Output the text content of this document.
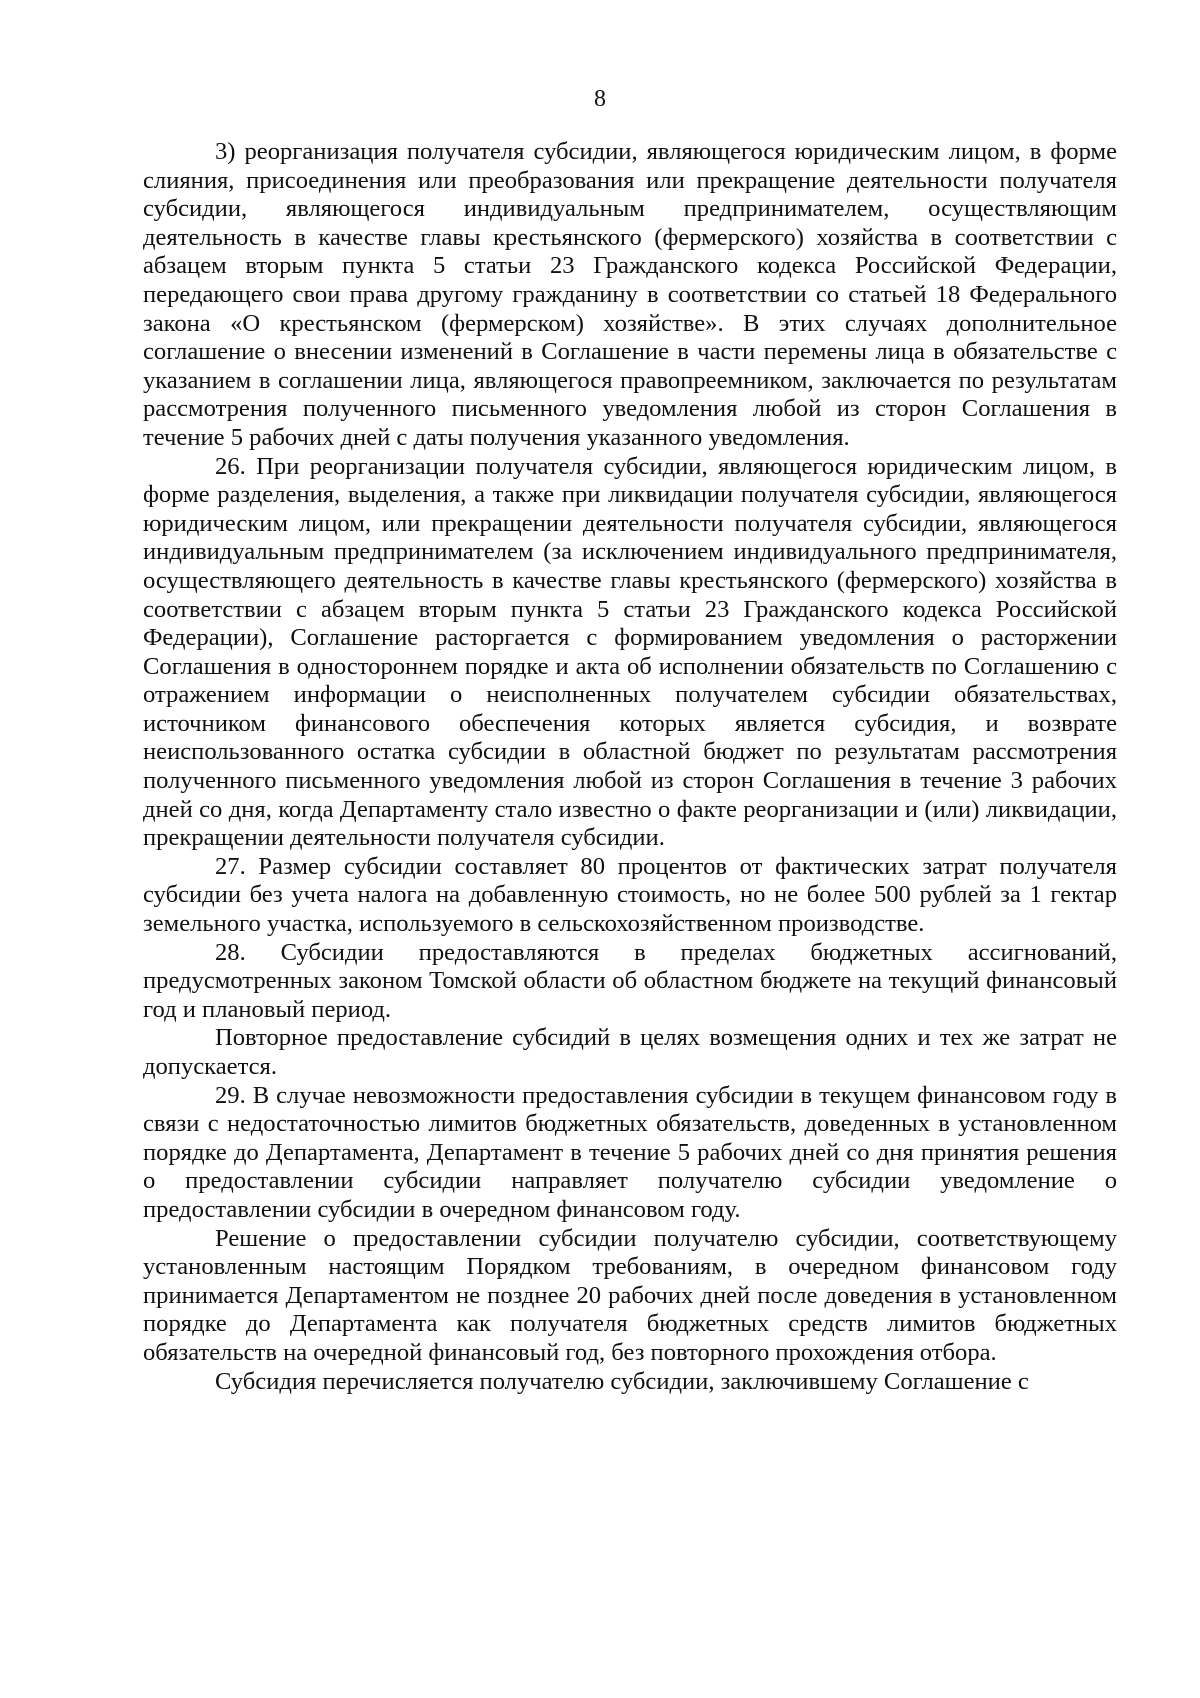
8

3) реорганизация получателя субсидии, являющегося юридическим лицом, в форме слияния, присоединения или преобразования или прекращение деятельности получателя субсидии, являющегося индивидуальным предпринимателем, осуществляющим деятельность в качестве главы крестьянского (фермерского) хозяйства в соответствии с абзацем вторым пункта 5 статьи 23 Гражданского кодекса Российской Федерации, передающего свои права другому гражданину в соответствии со статьей 18 Федерального закона «О крестьянском (фермерском) хозяйстве». В этих случаях дополнительное соглашение о внесении изменений в Соглашение в части перемены лица в обязательстве с указанием в соглашении лица, являющегося правопреемником, заключается по результатам рассмотрения полученного письменного уведомления любой из сторон Соглашения в течение 5 рабочих дней с даты получения указанного уведомления.

26. При реорганизации получателя субсидии, являющегося юридическим лицом, в форме разделения, выделения, а также при ликвидации получателя субсидии, являющегося юридическим лицом, или прекращении деятельности получателя субсидии, являющегося индивидуальным предпринимателем (за исключением индивидуального предпринимателя, осуществляющего деятельность в качестве главы крестьянского (фермерского) хозяйства в соответствии с абзацем вторым пункта 5 статьи 23 Гражданского кодекса Российской Федерации), Соглашение расторгается с формированием уведомления о расторжении Соглашения в одностороннем порядке и акта об исполнении обязательств по Соглашению с отражением информации о неисполненных получателем субсидии обязательствах, источником финансового обеспечения которых является субсидия, и возврате неиспользованного остатка субсидии в областной бюджет по результатам рассмотрения полученного письменного уведомления любой из сторон Соглашения в течение 3 рабочих дней со дня, когда Департаменту стало известно о факте реорганизации и (или) ликвидации, прекращении деятельности получателя субсидии.

27. Размер субсидии составляет 80 процентов от фактических затрат получателя субсидии без учета налога на добавленную стоимость, но не более 500 рублей за 1 гектар земельного участка, используемого в сельскохозяйственном производстве.

28. Субсидии предоставляются в пределах бюджетных ассигнований, предусмотренных законом Томской области об областном бюджете на текущий финансовый год и плановый период.

Повторное предоставление субсидий в целях возмещения одних и тех же затрат не допускается.

29. В случае невозможности предоставления субсидии в текущем финансовом году в связи с недостаточностью лимитов бюджетных обязательств, доведенных в установленном порядке до Департамента, Департамент в течение 5 рабочих дней со дня принятия решения о предоставлении субсидии направляет получателю субсидии уведомление о предоставлении субсидии в очередном финансовом году.

Решение о предоставлении субсидии получателю субсидии, соответствующему установленным настоящим Порядком требованиям, в очередном финансовом году принимается Департаментом не позднее 20 рабочих дней после доведения в установленном порядке до Департамента как получателя бюджетных средств лимитов бюджетных обязательств на очередной финансовый год, без повторного прохождения отбора.

Субсидия перечисляется получателю субсидии, заключившему Соглашение с
